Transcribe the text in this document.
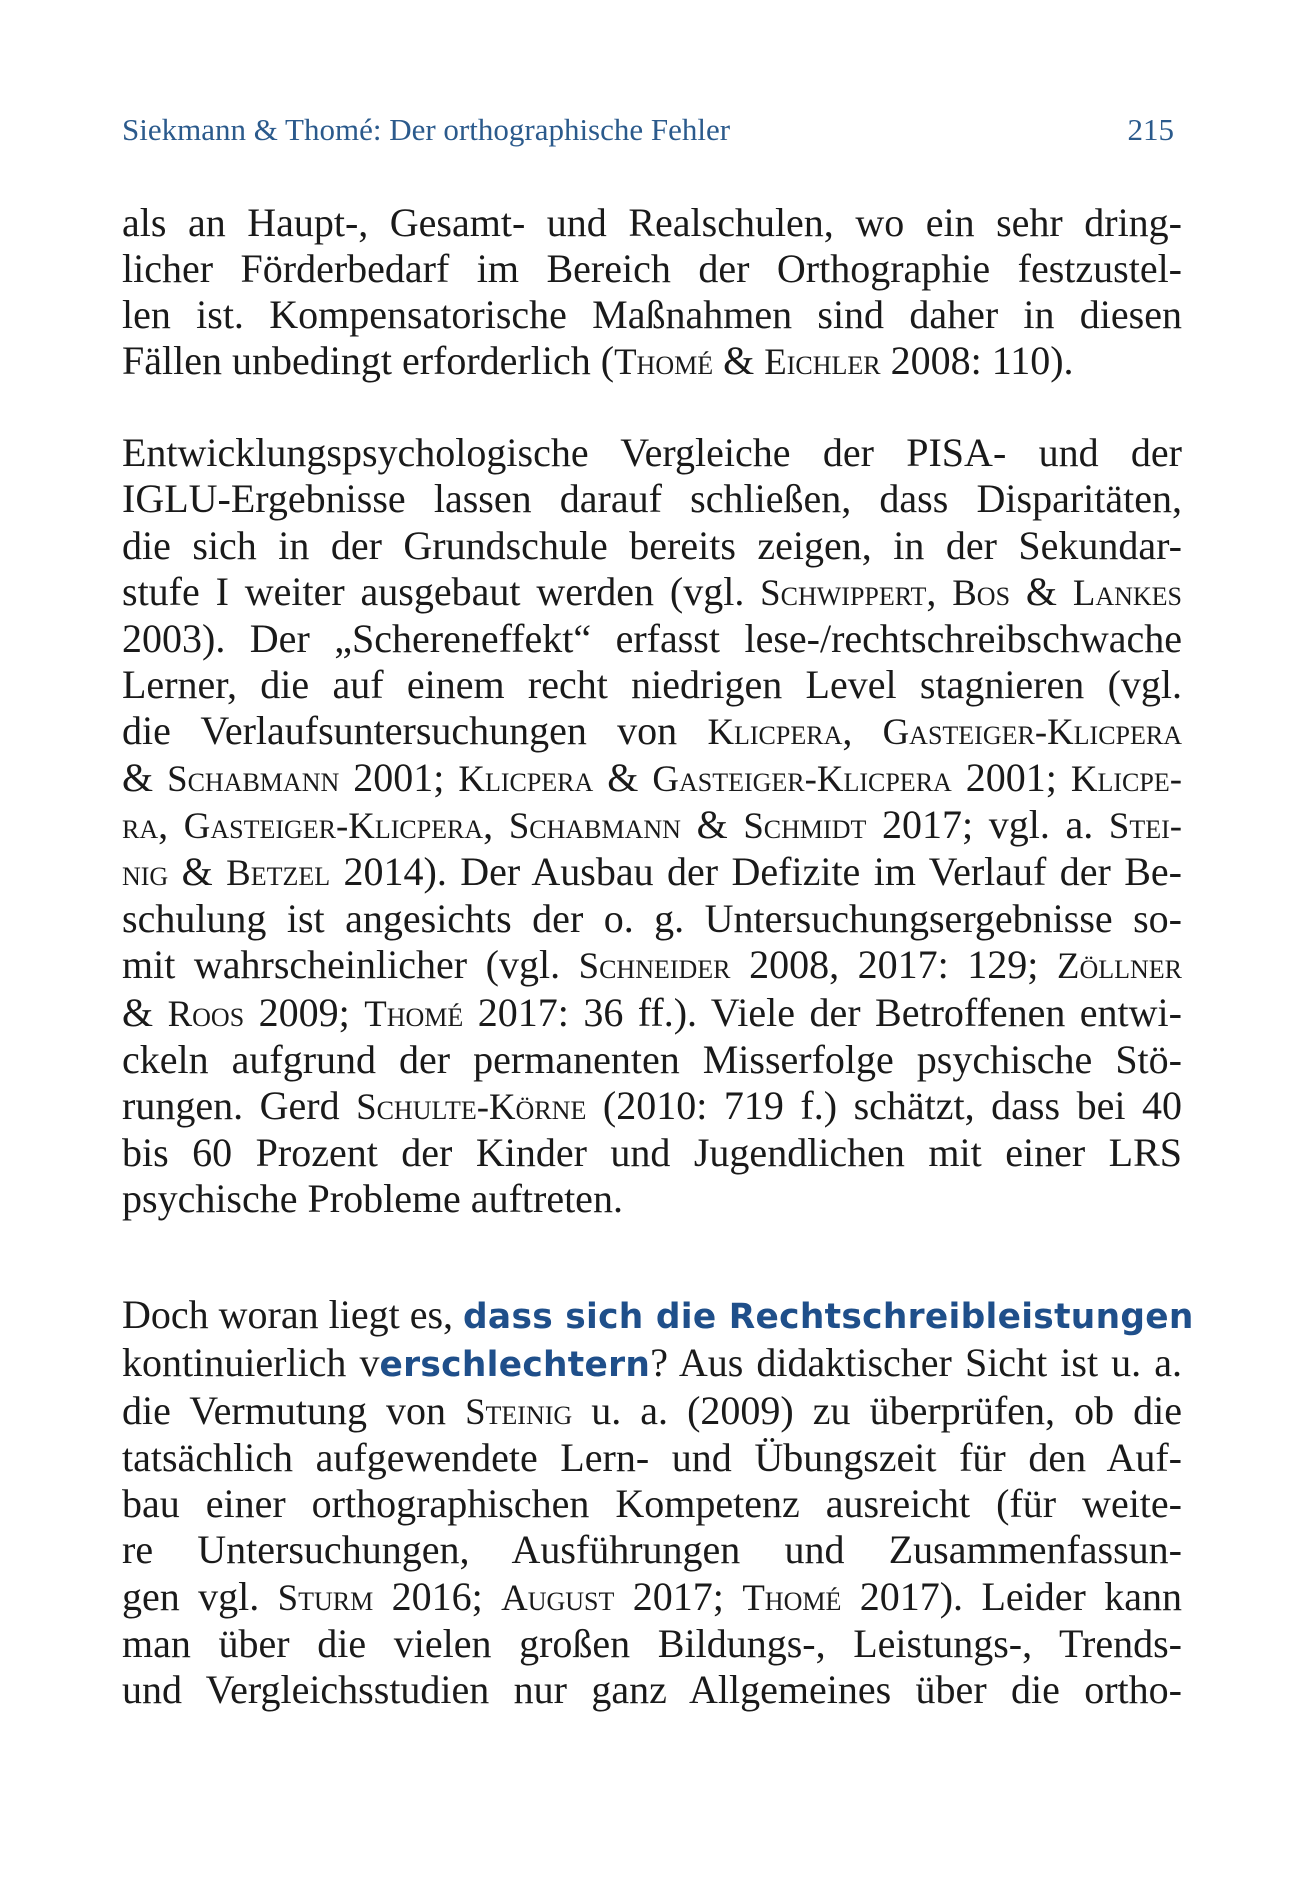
Siekmann & Thomé: Der orthographische Fehler	215

als an Haupt-, Gesamt- und Realschulen, wo ein sehr dring-
licher Förderbedarf im Bereich der Orthographie festzustel-
len ist. Kompensatorische Maßnahmen sind daher in diesen
Fällen unbedingt erforderlich (Thomé & Eichler 2008: 110).

Entwicklungspsychologische Vergleiche der PISA- und der
IGLU-Ergebnisse lassen darauf schließen, dass Disparitäten,
die sich in der Grundschule bereits zeigen, in der Sekundar-
stufe I weiter ausgebaut werden (vgl. Schwippert, Bos & Lankes
2003). Der „Schereneffekt“ erfasst lese-/rechtschreibschwache
Lerner, die auf einem recht niedrigen Level stagnieren (vgl.
die Verlaufsuntersuchungen von Klicpera, Gasteiger-Klicpera
& Schabmann 2001; Klicpera & Gasteiger-Klicpera 2001; Klicpe-
ra, Gasteiger-Klicpera, Schabmann & Schmidt 2017; vgl. a. Stei-
nig & Betzel 2014). Der Ausbau der Defizite im Verlauf der Be-
schulung ist angesichts der o. g. Untersuchungsergebnisse so-
mit wahrscheinlicher (vgl. Schneider 2008, 2017: 129; Zöllner
& Roos 2009; Thomé 2017: 36 ff.). Viele der Betroffenen entwi-
ckeln aufgrund der permanenten Misserfolge psychische Stö-
rungen. Gerd Schulte-Körne (2010: 719 f.) schätzt, dass bei 40
bis 60 Prozent der Kinder und Jugendlichen mit einer LRS
psychische Probleme auftreten.

Doch woran liegt es, dass sich die Rechtschreibleistungen
kontinuierlich verschlechtern? Aus didaktischer Sicht ist u. a.
die Vermutung von Steinig u. a. (2009) zu überprüfen, ob die
tatsächlich aufgewendete Lern- und Übungszeit für den Auf-
bau einer orthographischen Kompetenz ausreicht (für weite-
re Untersuchungen, Ausführungen und Zusammenfassun-
gen vgl. Sturm 2016; August 2017; Thomé 2017). Leider kann
man über die vielen großen Bildungs-, Leistungs-, Trends-
und Vergleichsstudien nur ganz Allgemeines über die ortho-
